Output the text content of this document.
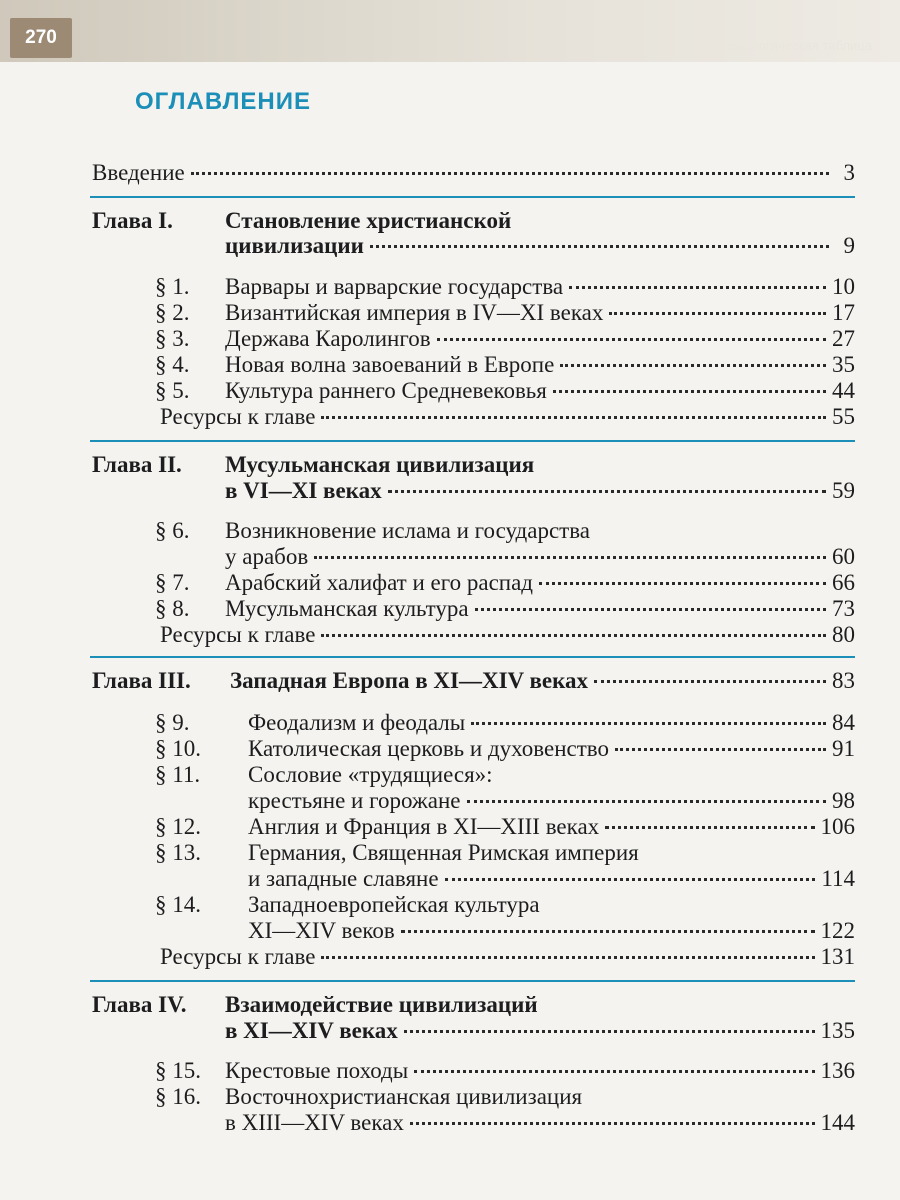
270	Хронологическая таблица
ОГЛАВЛЕНИЕ
Введение	3
Глава I. Становление христианской
цивилизации	9
§ 1. Варвары и варварские государства	10
§ 2. Византийская империя в IV—XI веках	17
§ 3. Держава Каролингов	27
§ 4. Новая волна завоеваний в Европе	35
§ 5. Культура раннего Средневековья	44
Ресурсы к главе	55
Глава II. Мусульманская цивилизация
в VI—XI веках	59
§ 6. Возникновение ислама и государства
у арабов	60
§ 7. Арабский халифат и его распад	66
§ 8. Мусульманская культура	73
Ресурсы к главе	80
Глава III. Западная Европа в XI—XIV веках	83
§ 9.	Феодализм и феодалы	84
§ 10. Католическая церковь и духовенство	91
§ 11. Сословие «трудящиеся»:
крестьяне и горожане	98
§ 12. Англия и Франция в XI—XIII веках	106
§ 13. Германия, Священная Римская империя
и западные славяне	114
§ 14. Западноевропейская культура
XI—XIV веков	122
Ресурсы к главе	131
Глава IV. Взаимодействие цивилизаций
в XI—XIV веках	135
§ 15. Крестовые походы	136
§ 16. Восточнохристианская цивилизация
в XIII—XIV веках	144
